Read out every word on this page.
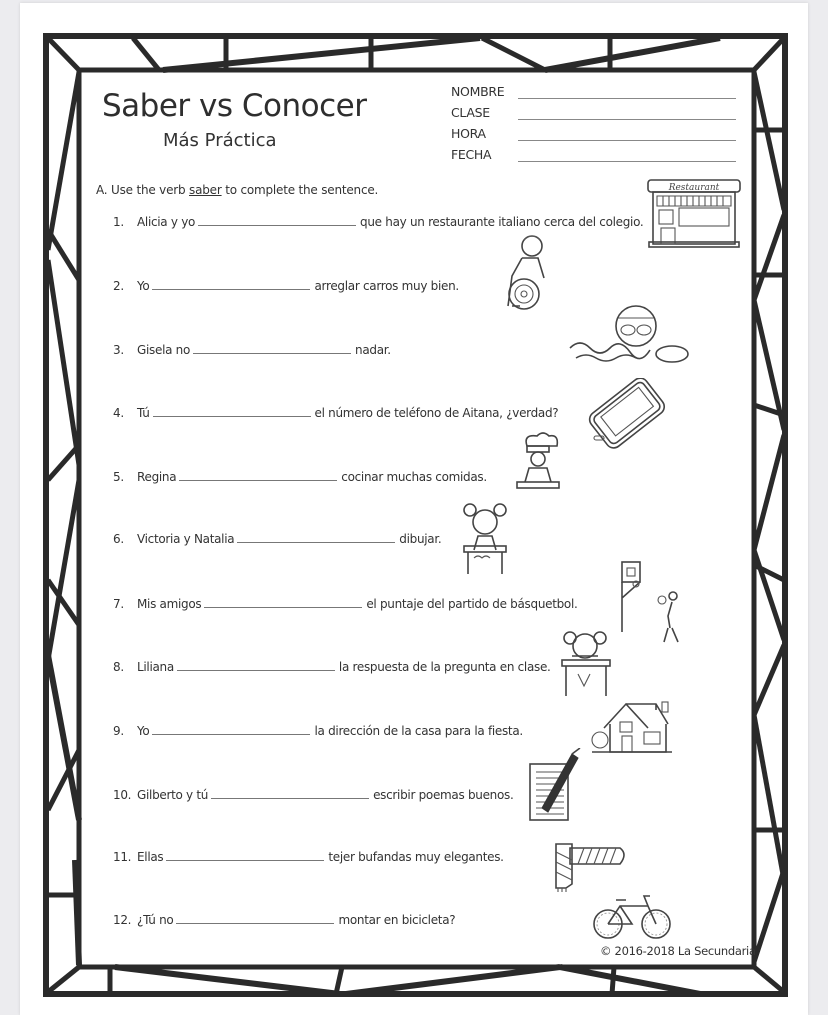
Saber vs Conocer
Más Práctica
NOMBRE
CLASE
HORA
FECHA
A. Use the verb saber to complete the sentence.
1. Alicia y yo	que hay un restaurante italiano cerca del colegio.
2. Yo	arreglar carros muy bien.
3. Gisela no	nadar.
4. Tú	el número de teléfono de Aitana, ¿verdad?
5. Regina	cocinar muchas comidas.
6. Victoria y Natalia	dibujar.
7. Mis amigos	el puntaje del partido de básquetbol.
8. Liliana	la respuesta de la pregunta en clase.
9. Yo	la dirección de la casa para la fiesta.
10. Gilberto y tú	escribir poemas buenos.
11. Ellas	tejer bufandas muy elegantes.
12. ¿Tú no	montar en bicicleta?
Restaurant
© 2016-2018 La Secundaria
